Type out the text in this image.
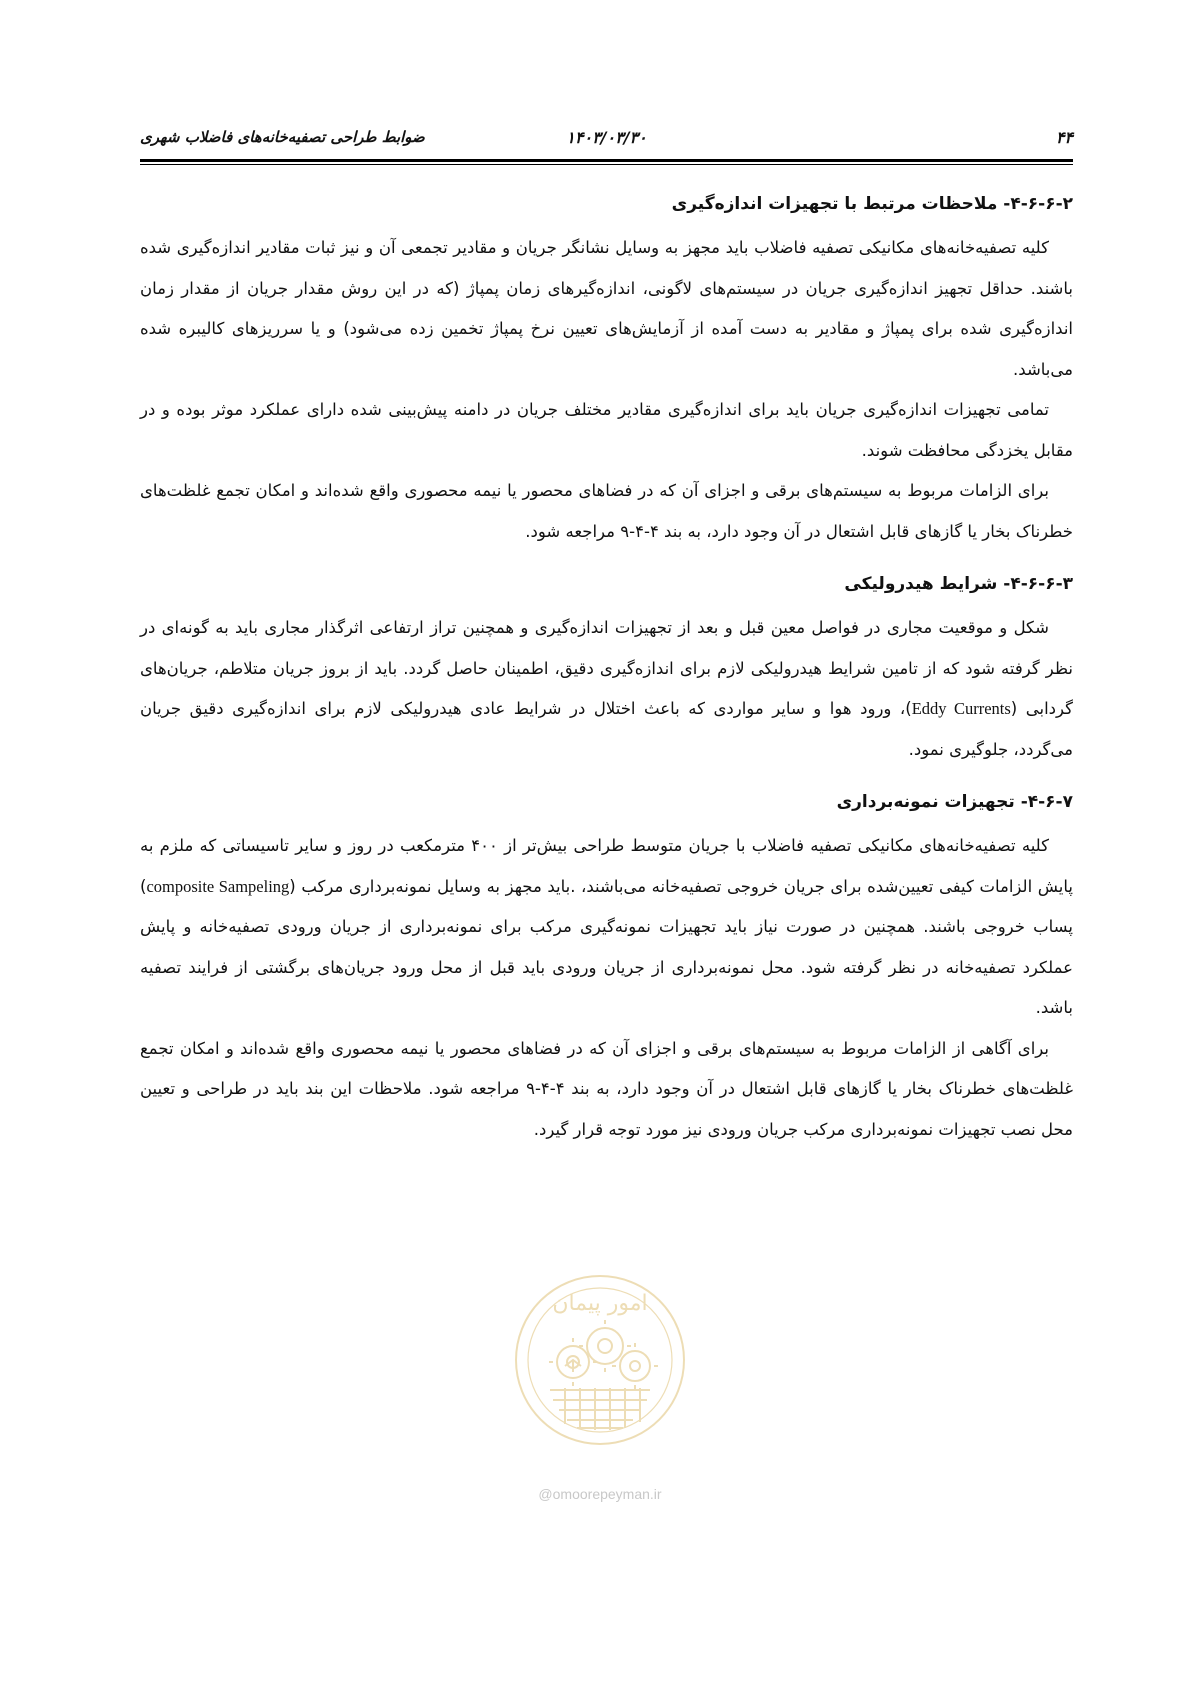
۴۴
۱۴۰۳/۰۳/۳۰
ضوابط طراحی تصفیه‌خانه‌های فاضلاب شهری
۴-۶-۶-۲- ملاحظات مرتبط با تجهیزات اندازه‌گیری

کلیه تصفیه‌خانه‌های مکانیکی تصفیه فاضلاب باید مجهز به وسایل نشانگر جریان و مقادیر تجمعی آن و نیز ثبات مقادیر اندازه‌گیری شده باشند. حداقل تجهیز اندازه‌گیری جریان در سیستم‌های لاگونی، اندازه‌گیرهای زمان پمپاژ (که در این روش مقدار جریان از مقدار زمان اندازه‌گیری شده برای پمپاژ و مقادیر به دست آمده از آزمایش‌های تعیین نرخ پمپاژ تخمین زده می‌شود) و یا سرریزهای کالیبره شده می‌باشد.

تمامی تجهیزات اندازه‌گیری جریان باید برای اندازه‌گیری مقادیر مختلف جریان در دامنه پیش‌بینی شده دارای عملکرد موثر بوده و در مقابل یخزدگی محافظت شوند.

برای الزامات مربوط به سیستم‌های برقی و اجزای آن که در فضاهای محصور یا نیمه محصوری واقع شده‌اند و امکان تجمع غلظت‌های خطرناک بخار یا گازهای قابل اشتعال در آن وجود دارد، به بند ۴-۴-۹ مراجعه شود.

۴-۶-۶-۳- شرایط هیدرولیکی

شکل و موقعیت مجاری در فواصل معین قبل و بعد از تجهیزات اندازه‌گیری و همچنین تراز ارتفاعی اثرگذار مجاری باید به گونه‌ای در نظر گرفته شود که از تامین شرایط هیدرولیکی لازم برای اندازه‌گیری دقیق، اطمینان حاصل گردد. باید از بروز جریان متلاطم، جریان‌های گردابی (Eddy Currents)، ورود هوا و سایر مواردی که باعث اختلال در شرایط عادی هیدرولیکی لازم برای اندازه‌گیری دقیق جریان می‌گردد، جلوگیری نمود.

۴-۶-۷- تجهیزات نمونه‌برداری

کلیه تصفیه‌خانه‌های مکانیکی تصفیه فاضلاب با جریان متوسط طراحی بیش‌تر از ۴۰۰ مترمکعب در روز و سایر تاسیساتی که ملزم به پایش الزامات کیفی تعیین‌شده برای جریان خروجی تصفیه‌خانه می‌باشند، .باید مجهز به وسایل نمونه‌برداری مرکب (composite Sampeling) پساب خروجی باشند. همچنین در صورت نیاز باید تجهیزات نمونه‌گیری مرکب برای نمونه‌برداری از جریان ورودی تصفیه‌خانه و پایش عملکرد تصفیه‌خانه در نظر گرفته شود. محل نمونه‌برداری از جریان ورودی باید قبل از محل ورود جریان‌های برگشتی از فرایند تصفیه باشد.

برای آگاهی از الزامات مربوط به سیستم‌های برقی و اجزای آن که در فضاهای محصور یا نیمه محصوری واقع شده‌اند و امکان تجمع غلظت‌های خطرناک بخار یا گازهای قابل اشتعال در آن وجود دارد، به بند ۴-۴-۹ مراجعه شود. ملاحظات این بند باید در طراحی و تعیین محل نصب تجهیزات نمونه‌برداری مرکب جریان ورودی نیز مورد توجه قرار گیرد.

امور پیمان
@omoorepeyman.ir
